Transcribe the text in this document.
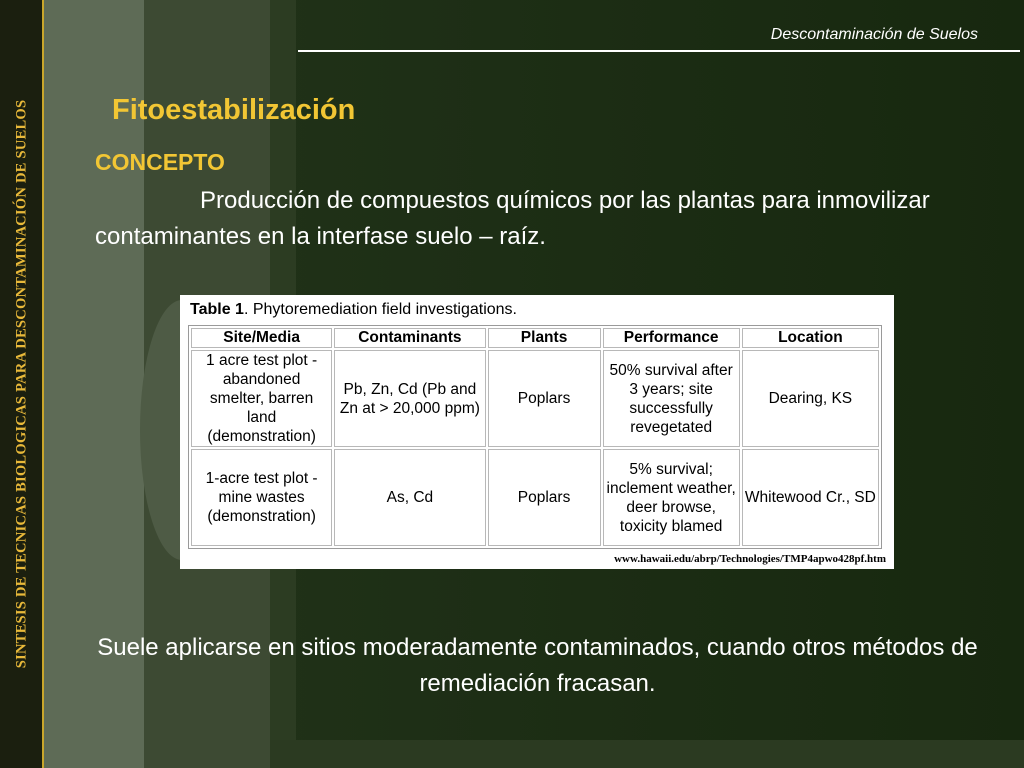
SINTESIS DE TECNICAS BIOLOGICAS PARA DESCONTAMINACIÓN DE SUELOS
Descontaminación de Suelos
Fitoestabilización
CONCEPTO
Producción de compuestos químicos por las plantas para inmovilizar contaminantes en la interfase suelo – raíz.
Table 1. Phytoremediation field investigations.
Site/Media	Contaminants	Plants	Performance	Location
1 acre test plot - abandoned smelter, barren land (demonstration)	Pb, Zn, Cd (Pb and Zn at > 20,000 ppm)	Poplars	50% survival after 3 years; site successfully revegetated	Dearing, KS
1-acre test plot - mine wastes (demonstration)	As, Cd	Poplars	5% survival; inclement weather, deer browse, toxicity blamed	Whitewood Cr., SD
www.hawaii.edu/abrp/Technologies/TMP4apwo428pf.htm
Suele aplicarse en sitios moderadamente contaminados, cuando otros métodos de remediación fracasan.
